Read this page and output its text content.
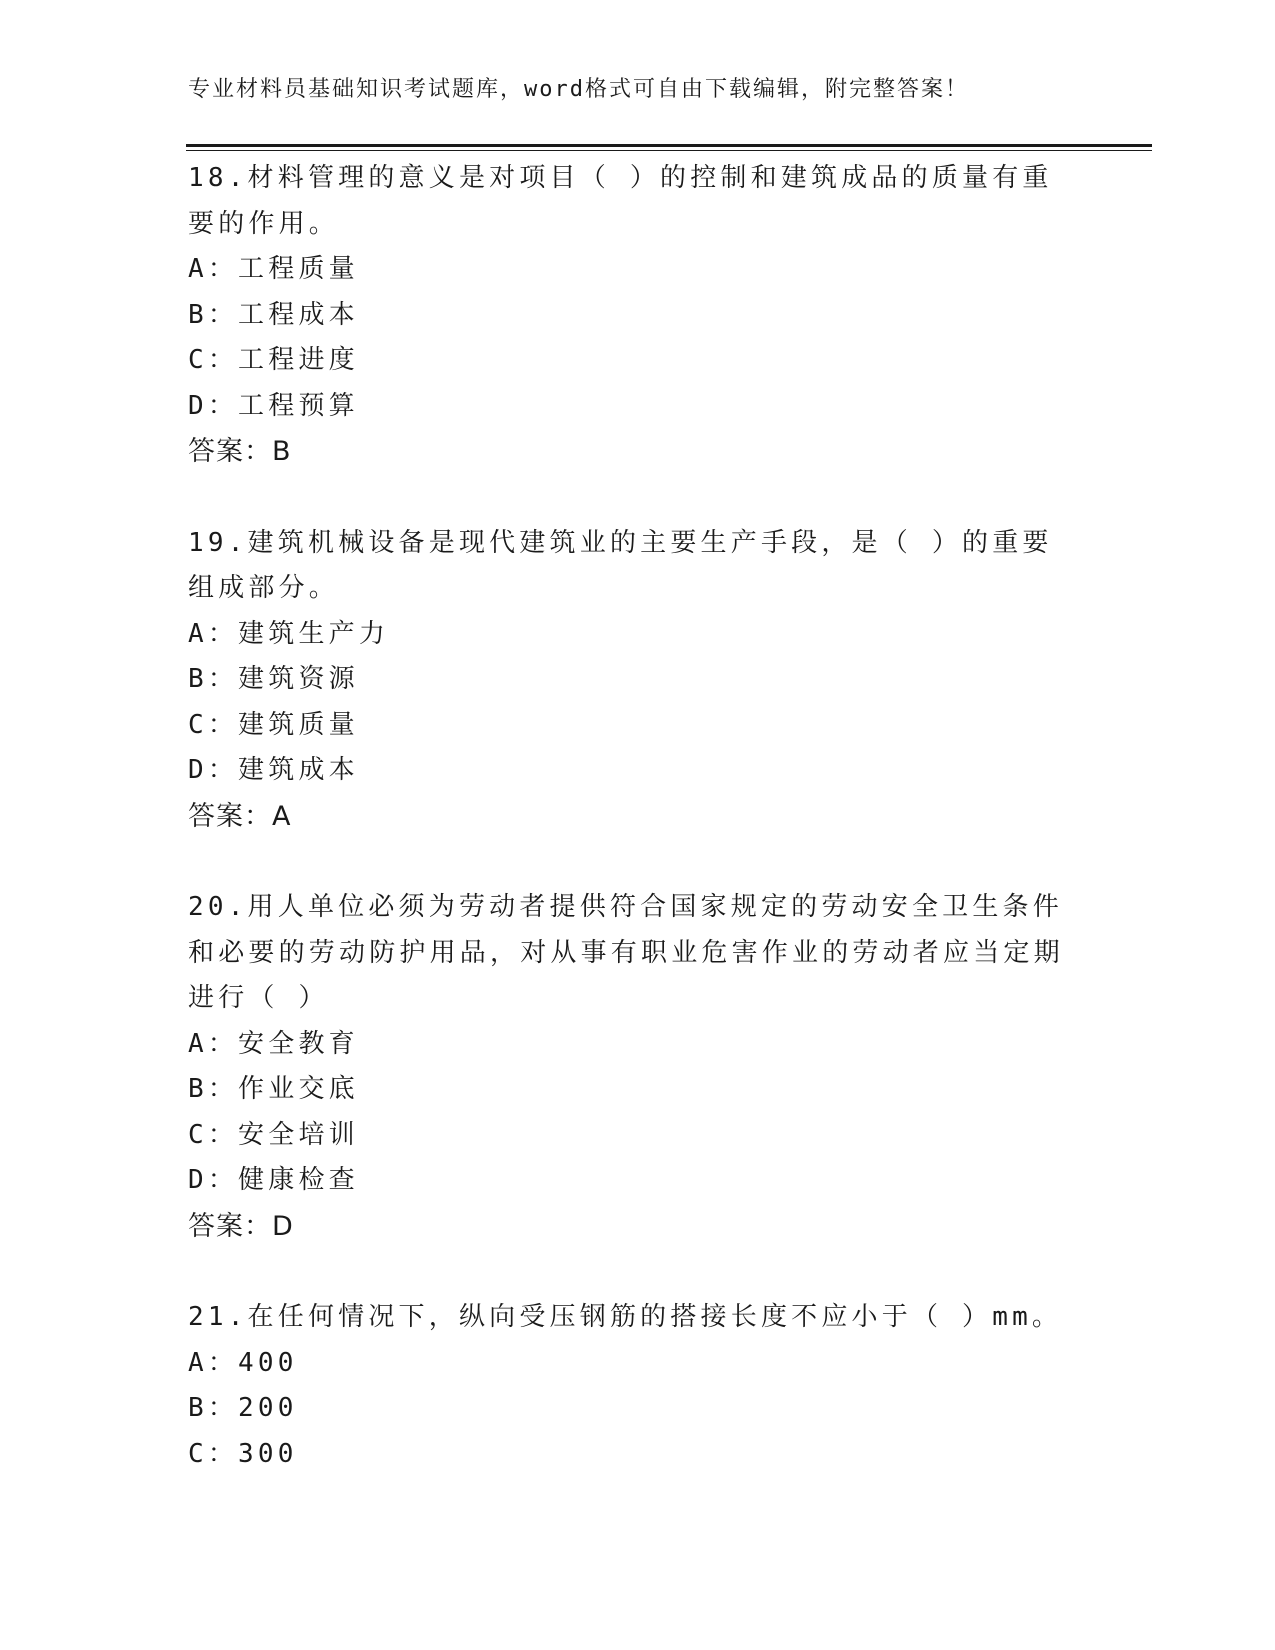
专业材料员基础知识考试题库，word格式可自由下载编辑，附完整答案！
18.材料管理的意义是对项目（ ）的控制和建筑成品的质量有重要的作用。
A：工程质量
B：工程成本
C：工程进度
D：工程预算
答案：B
19.建筑机械设备是现代建筑业的主要生产手段，是（ ）的重要组成部分。
A：建筑生产力
B：建筑资源
C：建筑质量
D：建筑成本
答案：A
20.用人单位必须为劳动者提供符合国家规定的劳动安全卫生条件和必要的劳动防护用品，对从事有职业危害作业的劳动者应当定期进行（ ）
A：安全教育
B：作业交底
C：安全培训
D：健康检查
答案：D
21.在任何情况下，纵向受压钢筋的搭接长度不应小于（ ）mm。
A：400
B：200
C：300
